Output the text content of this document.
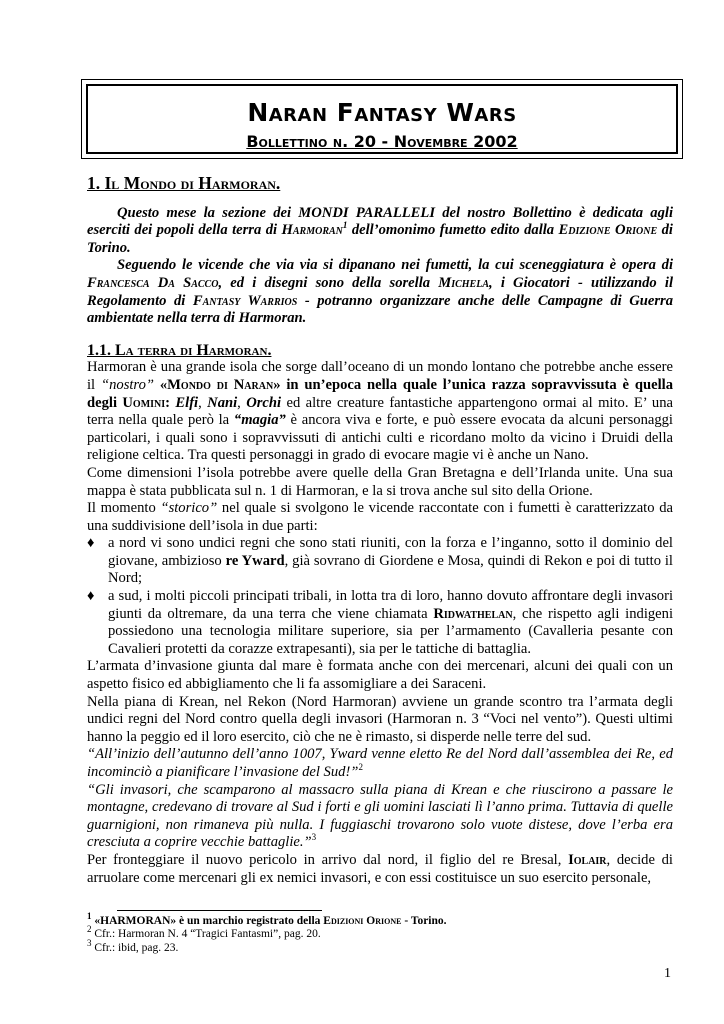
Naran Fantasy Wars
Bollettino n. 20 - Novembre 2002
1. Il Mondo di Harmoran.

Questo mese la sezione dei MONDI PARALLELI del nostro Bollettino è dedicata agli eserciti dei popoli della terra di Harmoran$^1$ dell’omonimo fumetto edito dalla Edizione Orione di Torino.

Seguendo le vicende che via via si dipanano nei fumetti, la cui sceneggiatura è opera di Francesca Da Sacco, ed i disegni sono della sorella Michela, i Giocatori - utilizzando il Regolamento di Fantasy Warrios - potranno organizzare anche delle Campagne di Guerra ambientate nella terra di Harmoran.

1.1. La terra di Harmoran.

Harmoran è una grande isola che sorge dall’oceano di un mondo lontano che potrebbe anche essere il “nostro” «Mondo di Naran» in un’epoca nella quale l’unica razza sopravvissuta è quella degli Uomini: Elfi, Nani, Orchi ed altre creature fantastiche appartengono ormai al mito. E’ una terra nella quale però la “magia” è ancora viva e forte, e può essere evocata da alcuni personaggi particolari, i quali sono i sopravvissuti di antichi culti e ricordano molto da vicino i Druidi della religione celtica. Tra questi personaggi in grado di evocare magie vi è anche un Nano.

Come dimensioni l’isola potrebbe avere quelle della Gran Bretagna e dell’Irlanda unite. Una sua mappa è stata pubblicata sul n. 1 di Harmoran, e la si trova anche sul sito della Orione.

Il momento “storico” nel quale si svolgono le vicende raccontate con i fumetti è caratterizzato da una suddivisione dell’isola in due parti:

♦ a nord vi sono undici regni che sono stati riuniti, con la forza e l’inganno, sotto il dominio del giovane, ambizioso re Yward, già sovrano di Giordene e Mosa, quindi di Rekon e poi di tutto il Nord;
♦ a sud, i molti piccoli principati tribali, in lotta tra di loro, hanno dovuto affrontare degli invasori giunti da oltremare, da una terra che viene chiamata Ridwathelan, che rispetto agli indigeni possiedono una tecnologia militare superiore, sia per l’armamento (Cavalleria pesante con Cavalieri protetti da corazze extrapesanti), sia per le tattiche di battaglia.

L’armata d’invasione giunta dal mare è formata anche con dei mercenari, alcuni dei quali con un aspetto fisico ed abbigliamento che li fa assomigliare a dei Saraceni.

Nella piana di Krean, nel Rekon (Nord Harmoran) avviene un grande scontro tra l’armata degli undici regni del Nord contro quella degli invasori (Harmoran n. 3 “Voci nel vento”). Questi ultimi hanno la peggio ed il loro esercito, ciò che ne è rimasto, si disperde nelle terre del sud.

“All’inizio dell’autunno dell’anno 1007, Yward venne eletto Re del Nord dall’assemblea dei Re, ed incominciò a pianificare l’invasione del Sud!”$^2$

“Gli invasori, che scamparono al massacro sulla piana di Krean e che riuscirono a passare le montagne, credevano di trovare al Sud i forti e gli uomini lasciati lì l’anno prima. Tuttavia di quelle guarnigioni, non rimaneva più nulla. I fuggiaschi trovarono solo vuote distese, dove l’erba era cresciuta a coprire vecchie battaglie.”$^3$

Per fronteggiare il nuovo pericolo in arrivo dal nord, il figlio del re Bresal, Iolair, decide di arruolare come mercenari gli ex nemici invasori, e con essi costituisce un suo esercito personale,

$^1$ «HARMORAN» è un marchio registrato della Edizioni Orione - Torino.

$^2$ Cfr.: Harmoran N. 4 “Tragici Fantasmi”, pag. 20.

$^3$ Cfr.: ibid, pag. 23.

1
